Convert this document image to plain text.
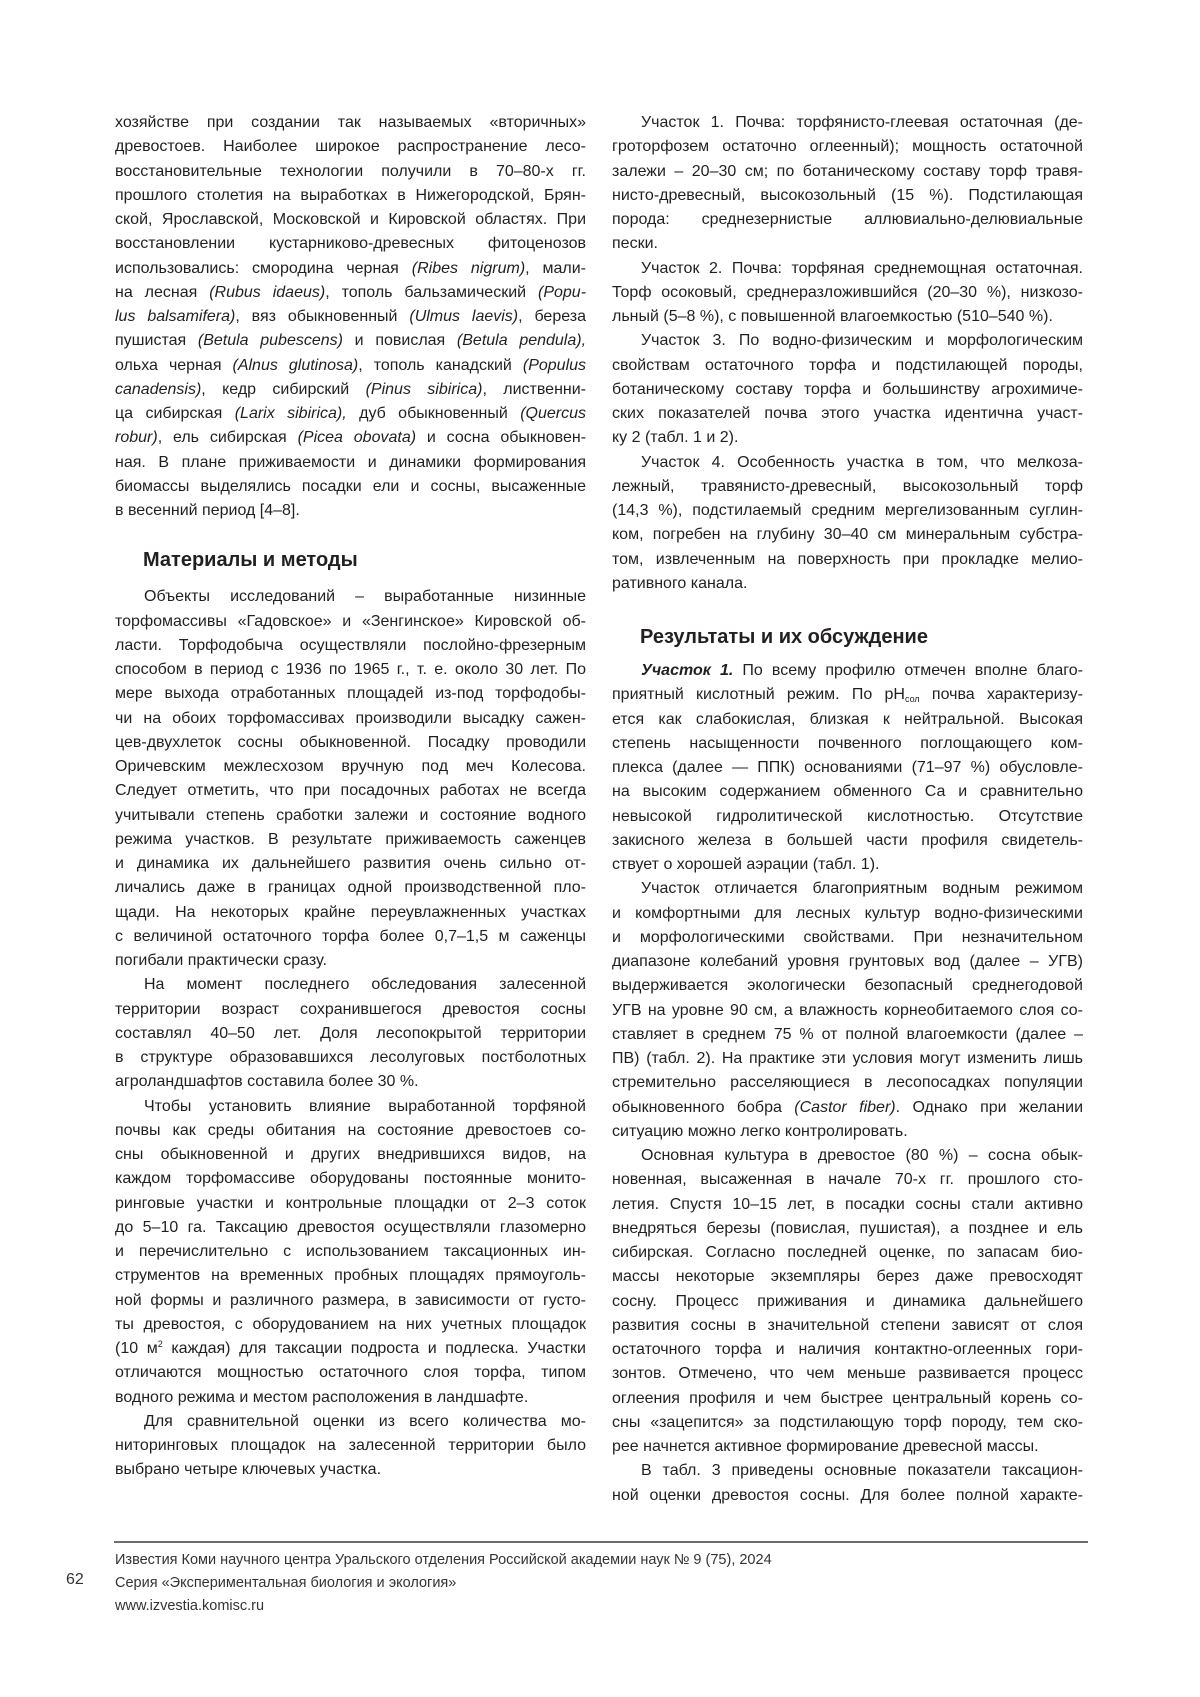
хозяйстве при создании так называемых «вторичных»
древостоев. Наиболее широкое распространение лесо-
восстановительные технологии получили в 70–80-х гг.
прошлого столетия на выработках в Нижегородской, Брян-
ской, Ярославской, Московской и Кировской областях. При
восстановлении кустарниково-древесных фитоценозов
использовались: смородина черная (Ribes nigrum), мали-
на лесная (Rubus idaeus), тополь бальзамический (Popu-
lus balsamifera), вяз обыкновенный (Ulmus laevis), береза
пушистая (Betula pubescens) и повислая (Betula pendula),
ольха черная (Alnus glutinosa), тополь канадский (Populus
canadensis), кедр сибирский (Pinus sibirica), лиственни-
ца сибирская (Larix sibirica), дуб обыкновенный (Quercus
robur), ель сибирская (Picea obovata) и сосна обыкновен-
ная. В плане приживаемости и динамики формирования
биомассы выделялись посадки ели и сосны, высаженные
в весенний период [4–8].
Материалы и методы
Объекты исследований – выработанные низинные
торфомассивы «Гадовское» и «Зенгинское» Кировской об-
ласти. Торфодобыча осуществляли послойно-фрезерным
способом в период с 1936 по 1965 г., т. е. около 30 лет. По
мере выхода отработанных площадей из-под торфодобы-
чи на обоих торфомассивах производили высадку сажен-
цев-двухлеток сосны обыкновенной. Посадку проводили
Оричевским межлесхозом вручную под меч Колесова.
Следует отметить, что при посадочных работах не всегда
учитывали степень сработки залежи и состояние водного
режима участков. В результате приживаемость саженцев
и динамика их дальнейшего развития очень сильно от-
личались даже в границах одной производственной пло-
щади. На некоторых крайне переувлажненных участках
с величиной остаточного торфа более 0,7–1,5 м саженцы
погибали практически сразу.
На момент последнего обследования залесенной
территории возраст сохранившегося древостоя сосны
составлял 40–50 лет. Доля лесопокрытой территории
в структуре образовавшихся лесолуговых постболотных
агроландшафтов составила более 30 %.
Чтобы установить влияние выработанной торфяной
почвы как среды обитания на состояние древостоев со-
сны обыкновенной и других внедрившихся видов, на
каждом торфомассиве оборудованы постоянные монито-
ринговые участки и контрольные площадки от 2–3 соток
до 5–10 га. Таксацию древостоя осуществляли глазомерно
и перечислительно с использованием таксационных ин-
струментов на временных пробных площадях прямоуголь-
ной формы и различного размера, в зависимости от густо-
ты древостоя, с оборудованием на них учетных площадок
(10 м2 каждая) для таксации подроста и подлеска. Участки
отличаются мощностью остаточного слоя торфа, типом
водного режима и местом расположения в ландшафте.
Для сравнительной оценки из всего количества мо-
ниторинговых площадок на залесенной территории было
выбрано четыре ключевых участка.
Участок 1. Почва: торфянисто-глеевая остаточная (де-
гроторфозем остаточно оглеенный); мощность остаточной
залежи – 20–30 см; по ботаническому составу торф травя-
нисто-древесный, высокозольный (15 %). Подстилающая
порода: среднезернистые аллювиально-делювиальные
пески.
Участок 2. Почва: торфяная среднемощная остаточная.
Торф осоковый, среднеразложившийся (20–30 %), низкозо-
льный (5–8 %), с повышенной влагоемкостью (510–540 %).
Участок 3. По водно-физическим и морфологическим
свойствам остаточного торфа и подстилающей породы,
ботаническому составу торфа и большинству агрохимиче-
ских показателей почва этого участка идентична участ-
ку 2 (табл. 1 и 2).
Участок 4. Особенность участка в том, что мелкоза-
лежный, травянисто-древесный, высокозольный торф
(14,3 %), подстилаемый средним мергелизованным суглин-
ком, погребен на глубину 30–40 см минеральным субстра-
том, извлеченным на поверхность при прокладке мелио-
ративного канала.
Результаты и их обсуждение
Участок 1. По всему профилю отмечен вполне благо-
приятный кислотный режим. По pHсол почва характеризу-
ется как слабокислая, близкая к нейтральной. Высокая
степень насыщенности почвенного поглощающего ком-
плекса (далее — ППК) основаниями (71–97 %) обусловле-
на высоким содержанием обменного Са и сравнительно
невысокой гидролитической кислотностью. Отсутствие
закисного железа в большей части профиля свидетель-
ствует о хорошей аэрации (табл. 1).
Участок отличается благоприятным водным режимом
и комфортными для лесных культур водно-физическими
и морфологическими свойствами. При незначительном
диапазоне колебаний уровня грунтовых вод (далее – УГВ)
выдерживается экологически безопасный среднегодовой
УГВ на уровне 90 см, а влажность корнеобитаемого слоя со-
ставляет в среднем 75 % от полной влагоемкости (далее –
ПВ) (табл. 2). На практике эти условия могут изменить лишь
стремительно расселяющиеся в лесопосадках популяции
обыкновенного бобра (Castor fiber). Однако при желании
ситуацию можно легко контролировать.
Основная культура в древостое (80 %) – сосна обык-
новенная, высаженная в начале 70-х гг. прошлого сто-
летия. Спустя 10–15 лет, в посадки сосны стали активно
внедряться березы (повислая, пушистая), а позднее и ель
сибирская. Согласно последней оценке, по запасам био-
массы некоторые экземпляры берез даже превосходят
сосну. Процесс приживания и динамика дальнейшего
развития сосны в значительной степени зависят от слоя
остаточного торфа и наличия контактно-оглеенных гори-
зонтов. Отмечено, что чем меньше развивается процесс
оглеения профиля и чем быстрее центральный корень со-
сны «зацепится» за подстилающую торф породу, тем ско-
рее начнется активное формирование древесной массы.
В табл. 3 приведены основные показатели таксацион-
ной оценки древостоя сосны. Для более полной характе-
62
Известия Коми научного центра Уральского отделения Российской академии наук № 9 (75), 2024
Серия «Экспериментальная биология и экология»
www.izvestia.komisc.ru
